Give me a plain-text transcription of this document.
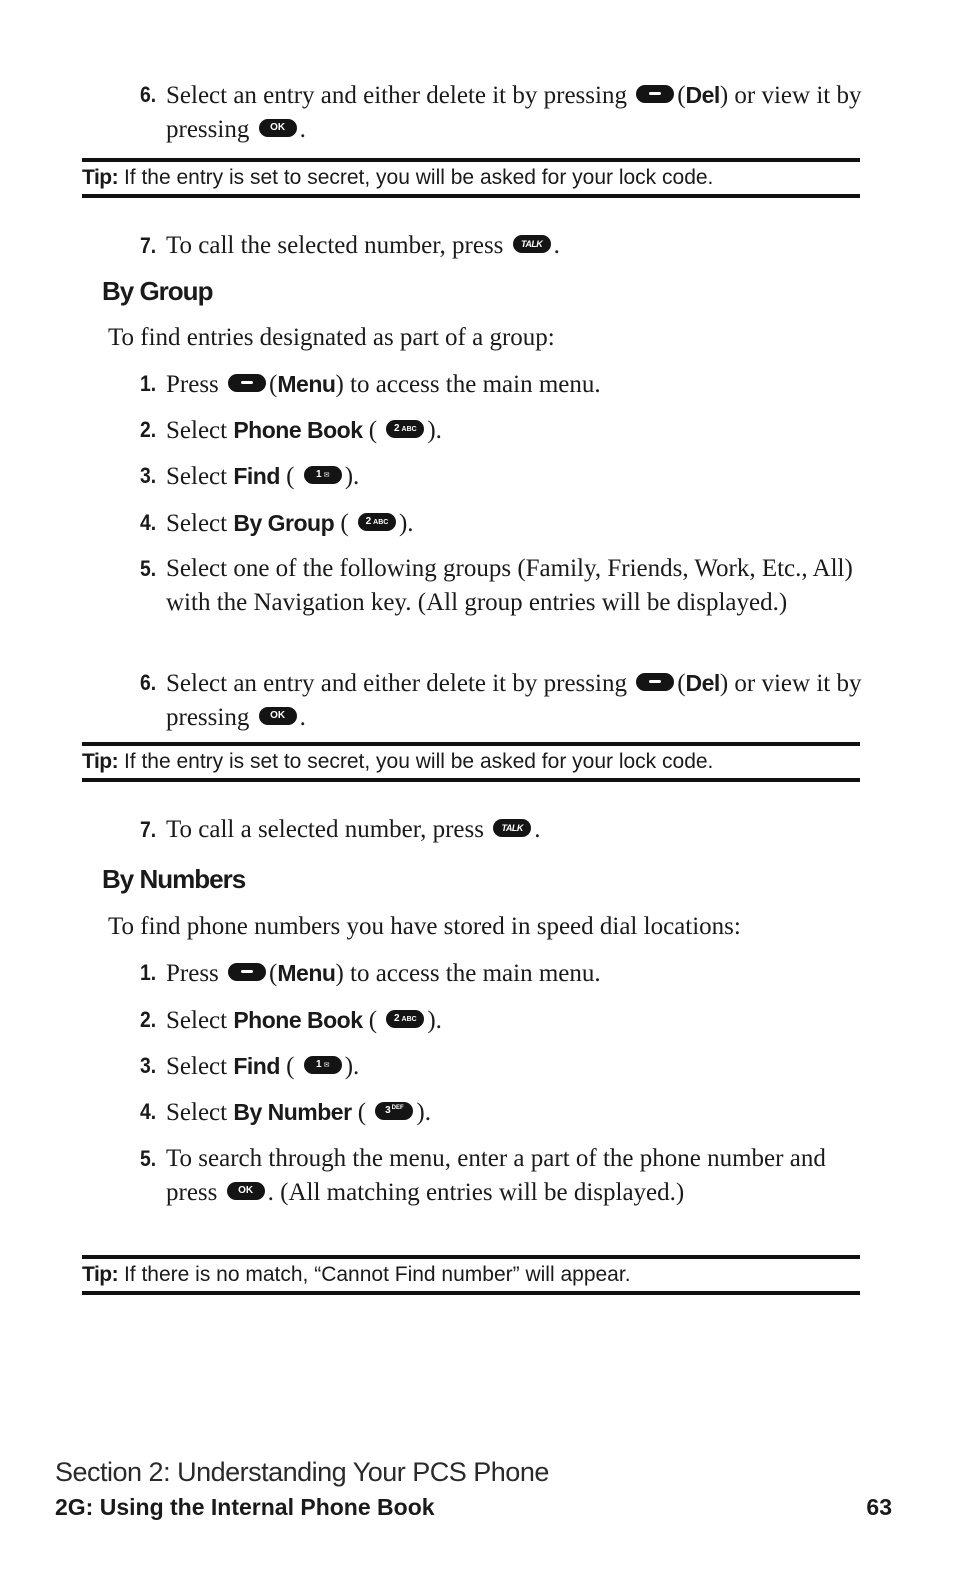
6. Select an entry and either delete it by pressing (Del) or view it by pressing OK .
Tip: If the entry is set to secret, you will be asked for your lock code.
7. To call the selected number, press TALK .
By Group
To find entries designated as part of a group:
1. Press (Menu) to access the main menu.
2. Select Phone Book ( 2 ABC ).
3. Select Find ( 1 ✉ ).
4. Select By Group ( 2 ABC ).
5. Select one of the following groups (Family, Friends, Work, Etc., All) with the Navigation key. (All group entries will be displayed.)
6. Select an entry and either delete it by pressing (Del) or view it by pressing OK .
Tip: If the entry is set to secret, you will be asked for your lock code.
7. To call a selected number, press TALK .
By Numbers
To find phone numbers you have stored in speed dial locations:
1. Press (Menu) to access the main menu.
2. Select Phone Book ( 2 ABC ).
3. Select Find ( 1 ✉ ).
4. Select By Number ( $3^{DEF}$ ).
5. To search through the menu, enter a part of the phone number and press OK . (All matching entries will be displayed.)
Tip: If there is no match, “Cannot Find number” will appear.
Section 2: Understanding Your PCS Phone
2G: Using the Internal Phone Book	63
